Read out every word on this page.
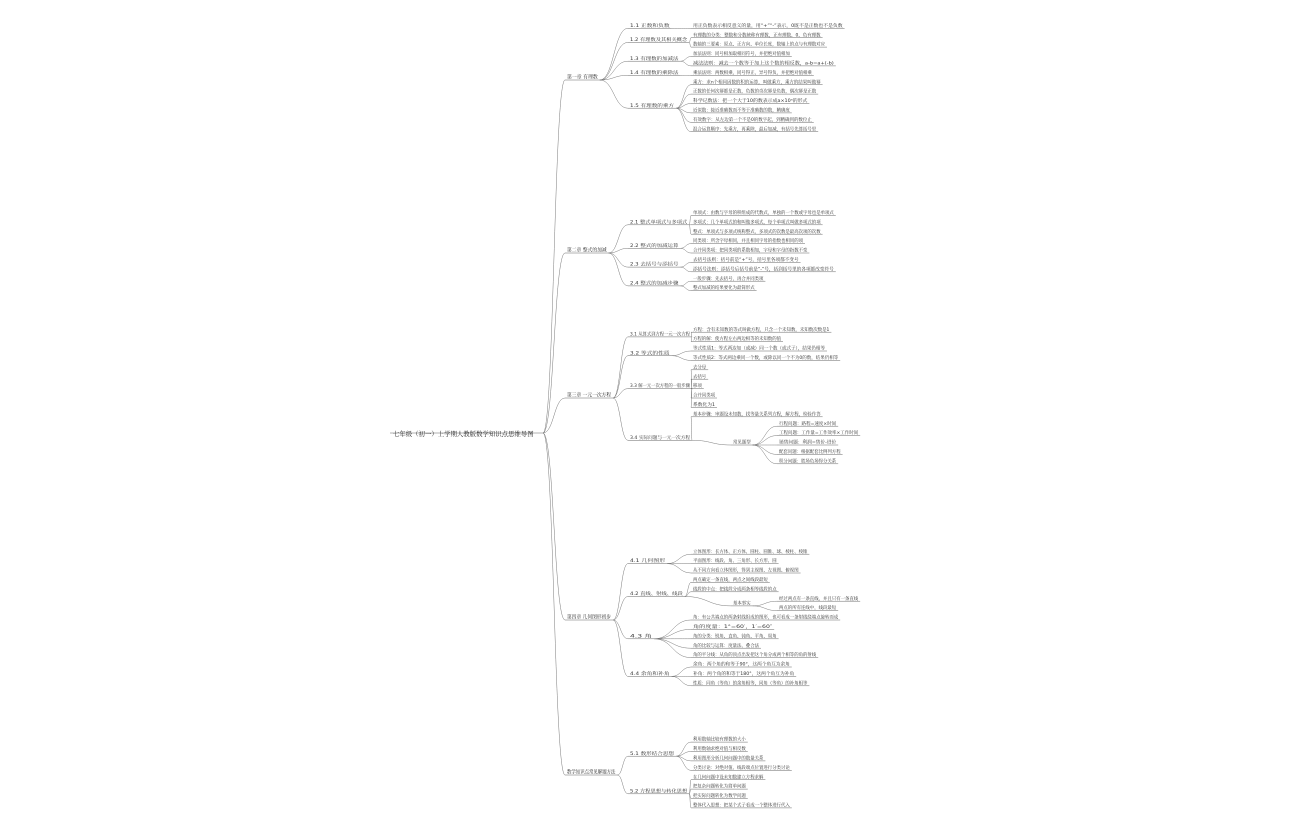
七年级（初一）上学期人教版数学知识点思维导图
第一章 有理数
1.1 正数和负数	用正负数表示相反意义的量，用“+”“-”表示，0既不是正数也不是负数
1.2 有理数及其相关概念
有理数的分类：整数和分数统称有理数，正有理数、0、负有理数
数轴的三要素：原点、正方向、单位长度，数轴上的点与有理数对应
1.3 有理数的加减法
加法法则：同号相加取相同符号，并把绝对值相加
减法法则：减去一个数等于加上这个数的相反数，a-b=a+(-b)
1.4 有理数的乘除法	乘法法则：两数相乘，同号得正，异号得负，并把绝对值相乘
1.5 有理数的乘方
乘方：求n个相同因数的积的运算，叫做乘方，乘方的结果叫做幂
正数的任何次幂都是正数，负数的奇次幂是负数，偶次幂是正数
科学记数法：把一个大于10的数表示成a×10ⁿ的形式
近似数：接近准确数而不等于准确数的数，精确度
有效数字：从左边第一个不是0的数字起，到精确到的数位止
混合运算顺序：先乘方，再乘除，最后加减，有括号先算括号里
第二章 整式的加减
2.1 整式单项式与多项式
单项式：由数与字母的积组成的代数式，单独的一个数或字母也是单项式
多项式：几个单项式的和叫做多项式，每个单项式叫做多项式的项
整式：单项式与多项式统称整式，多项式的次数是最高次项的次数
2.2 整式的加减运算
同类项：所含字母相同，并且相同字母的指数也相同的项
合并同类项：把同类项的系数相加，字母和字母的指数不变
2.3 去括号与添括号
去括号法则：括号前是“+”号，括号里各项都不变号
添括号法则：添括号后括号前是“-”号，括到括号里的各项都改变符号
2.4 整式的加减步骤
一般步骤：先去括号，再合并同类项
整式加减的结果要化为最简形式
第三章 一元一次方程
3.1 从算式到方程一元一次方程
方程：含有未知数的等式叫做方程，只含一个未知数，未知数次数是1
方程的解：使方程左右两边相等的未知数的值
3.2 等式的性质
等式性质1：等式两边加（或减）同一个数（或式子），结果仍相等
等式性质2：等式两边乘同一个数，或除以同一个不为0的数，结果仍相等
3.3 解一元一次方程的一般步骤
去分母
去括号
移项
合并同类项
系数化为1
3.4 实际问题与一元一次方程
基本步骤：审题设未知数，找等量关系列方程，解方程，检验作答
常见题型
行程问题：路程=速度×时间
工程问题：工作量=工作效率×工作时间
销售问题：利润=售价-进价
配套问题：根据配套比例列方程
积分问题：胜场负场得分关系
第四章 几何图形初步
4.1 几何图形
立体图形：长方体、正方体、圆柱、圆锥、球、棱柱、棱锥
平面图形：线段、角、三角形、长方形、圆
从不同方向看立体图形，得到主视图、左视图、俯视图
4.2 直线、射线、线段
两点确定一条直线，两点之间线段最短
线段的中点：把线段分成两条相等线段的点
基本事实
经过两点有一条直线，并且只有一条直线
两点的所有连线中，线段最短
4.3 角
角：有公共端点的两条射线组成的图形，也可看成一条射线绕端点旋转而成
角的度量：1°=60′，1′=60″
角的分类：锐角、直角、钝角、平角、周角
角的比较与运算：度量法、叠合法
角的平分线：从角的顶点出发把这个角分成两个相等的角的射线
4.4 余角和补角
余角：两个角的和等于90°，这两个角互为余角
补角：两个角的和等于180°，这两个角互为补角
性质：同角（等角）的余角相等，同角（等角）的补角相等
数学知识点常见解题方法
5.1 数形结合思想
利用数轴比较有理数的大小
利用数轴求绝对值与相反数
利用图形分析几何问题中的数量关系
分类讨论：对绝对值、线段端点位置进行分类讨论
5.2 方程思想与转化思想
在几何问题中设未知数建立方程求解
把复杂问题转化为简单问题
把实际问题转化为数学问题
整体代入思想：把某个式子看成一个整体进行代入
